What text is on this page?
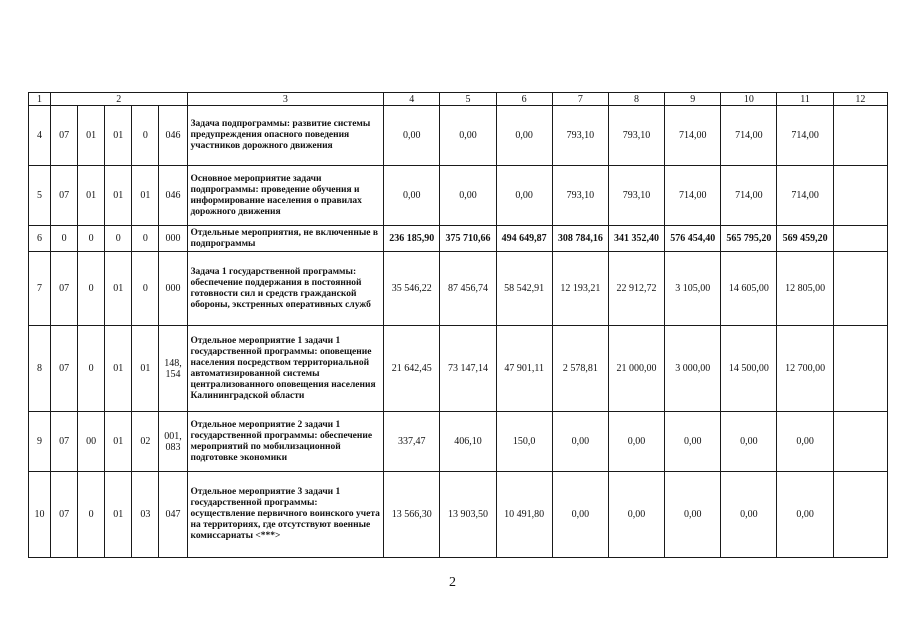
1	2					3	4	5	6	7	8	9	10	11	12
4	07	01	01	0	046	Задача подпрограммы: развитие системы предупреждения опасного поведения участников дорожного движения	0,00	0,00	0,00	793,10	793,10	714,00	714,00	714,00	
5	07	01	01	01	046	Основное мероприятие задачи подпрограммы: проведение обучения и информирование населения о правилах дорожного движения	0,00	0,00	0,00	793,10	793,10	714,00	714,00	714,00	
6	0	0	0	0	000	Отдельные мероприятия, не включенные в подпрограммы	236 185,90	375 710,66	494 649,87	308 784,16	341 352,40	576 454,40	565 795,20	569 459,20	
7	07	0	01	0	000	Задача 1 государственной программы: обеспечение поддержания в постоянной готовности сил и средств гражданской обороны, экстренных оперативных служб	35 546,22	87 456,74	58 542,91	12 193,21	22 912,72	3 105,00	14 605,00	12 805,00	
8	07	0	01	01	148, 154	Отдельное мероприятие 1 задачи 1 государственной программы: оповещение населения посредством территориальной автоматизированной системы централизованного оповещения населения Калининградской области	21 642,45	73 147,14	47 901,11	2 578,81	21 000,00	3 000,00	14 500,00	12 700,00	
9	07	00	01	02	001, 083	Отдельное мероприятие 2 задачи 1 государственной программы: обеспечение мероприятий по мобилизационной подготовке экономики	337,47	406,10	150,0	0,00	0,00	0,00	0,00	0,00	
10	07	0	01	03	047	Отдельное мероприятие 3 задачи 1 государственной программы: осуществление первичного воинского учета на территориях, где отсутствуют военные комиссариаты <***>	13 566,30	13 903,50	10 491,80	0,00	0,00	0,00	0,00	0,00	
2
